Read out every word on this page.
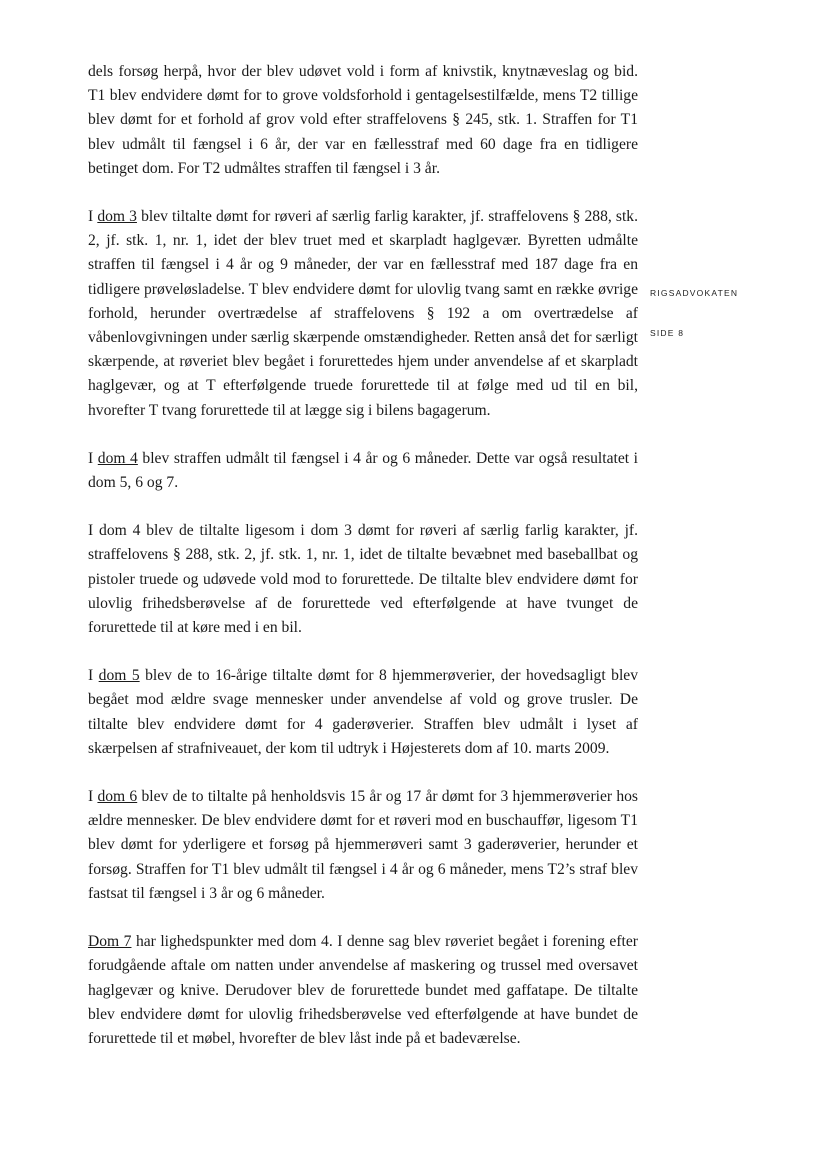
RIGSADVOKATEN
SIDE 8

dels forsøg herpå, hvor der blev udøvet vold i form af knivstik, knytnæveslag og bid. T1 blev endvidere dømt for to grove voldsforhold i gentagelsestilfælde, mens T2 tillige blev dømt for et forhold af grov vold efter straffelovens § 245, stk. 1. Straffen for T1 blev udmålt til fængsel i 6 år, der var en fællesstraf med 60 dage fra en tidligere betinget dom. For T2 udmåltes straffen til fængsel i 3 år.

I dom 3 blev tiltalte dømt for røveri af særlig farlig karakter, jf. straffelovens § 288, stk. 2, jf. stk. 1, nr. 1, idet der blev truet med et skarpladt haglgevær. Byretten udmålte straffen til fængsel i 4 år og 9 måneder, der var en fællesstraf med 187 dage fra en tidligere prøveløsladelse. T blev endvidere dømt for ulovlig tvang samt en række øvrige forhold, herunder overtrædelse af straffelovens § 192 a om overtrædelse af våbenlovgivningen under særlig skærpende omstændigheder. Retten anså det for særligt skærpende, at røveriet blev begået i forurettedes hjem under anvendelse af et skarpladt haglgevær, og at T efterfølgende truede forurettede til at følge med ud til en bil, hvorefter T tvang forurettede til at lægge sig i bilens bagagerum.

I dom 4 blev straffen udmålt til fængsel i 4 år og 6 måneder. Dette var også resultatet i dom 5, 6 og 7.

I dom 4 blev de tiltalte ligesom i dom 3 dømt for røveri af særlig farlig karakter, jf. straffelovens § 288, stk. 2, jf. stk. 1, nr. 1, idet de tiltalte bevæbnet med baseballbat og pistoler truede og udøvede vold mod to forurettede. De tiltalte blev endvidere dømt for ulovlig frihedsberøvelse af de forurettede ved efterfølgende at have tvunget de forurettede til at køre med i en bil.

I dom 5 blev de to 16-årige tiltalte dømt for 8 hjemmerøverier, der hovedsagligt blev begået mod ældre svage mennesker under anvendelse af vold og grove trusler. De tiltalte blev endvidere dømt for 4 gaderøverier. Straffen blev udmålt i lyset af skærpelsen af strafniveauet, der kom til udtryk i Højesterets dom af 10. marts 2009.

I dom 6 blev de to tiltalte på henholdsvis 15 år og 17 år dømt for 3 hjemmerøverier hos ældre mennesker. De blev endvidere dømt for et røveri mod en buschauffør, ligesom T1 blev dømt for yderligere et forsøg på hjemmerøveri samt 3 gaderøverier, herunder et forsøg. Straffen for T1 blev udmålt til fængsel i 4 år og 6 måneder, mens T2’s straf blev fastsat til fængsel i 3 år og 6 måneder.

Dom 7 har lighedspunkter med dom 4. I denne sag blev røveriet begået i forening efter forudgående aftale om natten under anvendelse af maskering og trussel med oversavet haglgevær og knive. Derudover blev de forurettede bundet med gaffatape. De tiltalte blev endvidere dømt for ulovlig frihedsberøvelse ved efterfølgende at have bundet de forurettede til et møbel, hvorefter de blev låst inde på et badeværelse.
